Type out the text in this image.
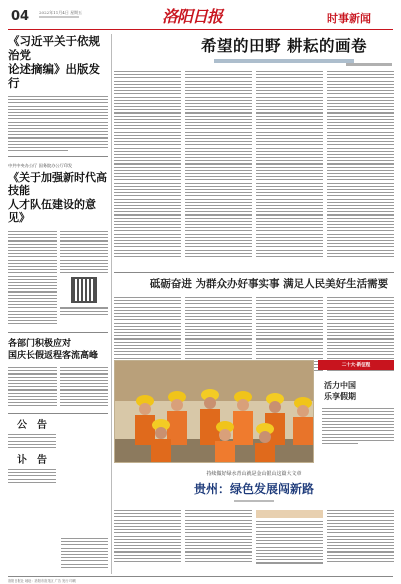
04 2022年11月4日 星期五	洛阳日报	时事新闻
《习近平关于依规治党
论述摘编》出版发行
中共中央办公厅 国务院办公厅印发
《关于加强新时代高技能
人才队伍建设的意见》
各部门积极应对
国庆长假返程客流高峰
公　告
讣　告
希望的田野 耕耘的画卷
砥砺奋进 为群众办好事实事 满足人民美好生活需要
二十大·新征程
活力中国
乐享假期
持续做好绿水青山就是金山银山这篇大文章
贵州：绿色发展闯新路
洛阳日报社 地址：洛阳市洛龙区 广告 发行 印刷
